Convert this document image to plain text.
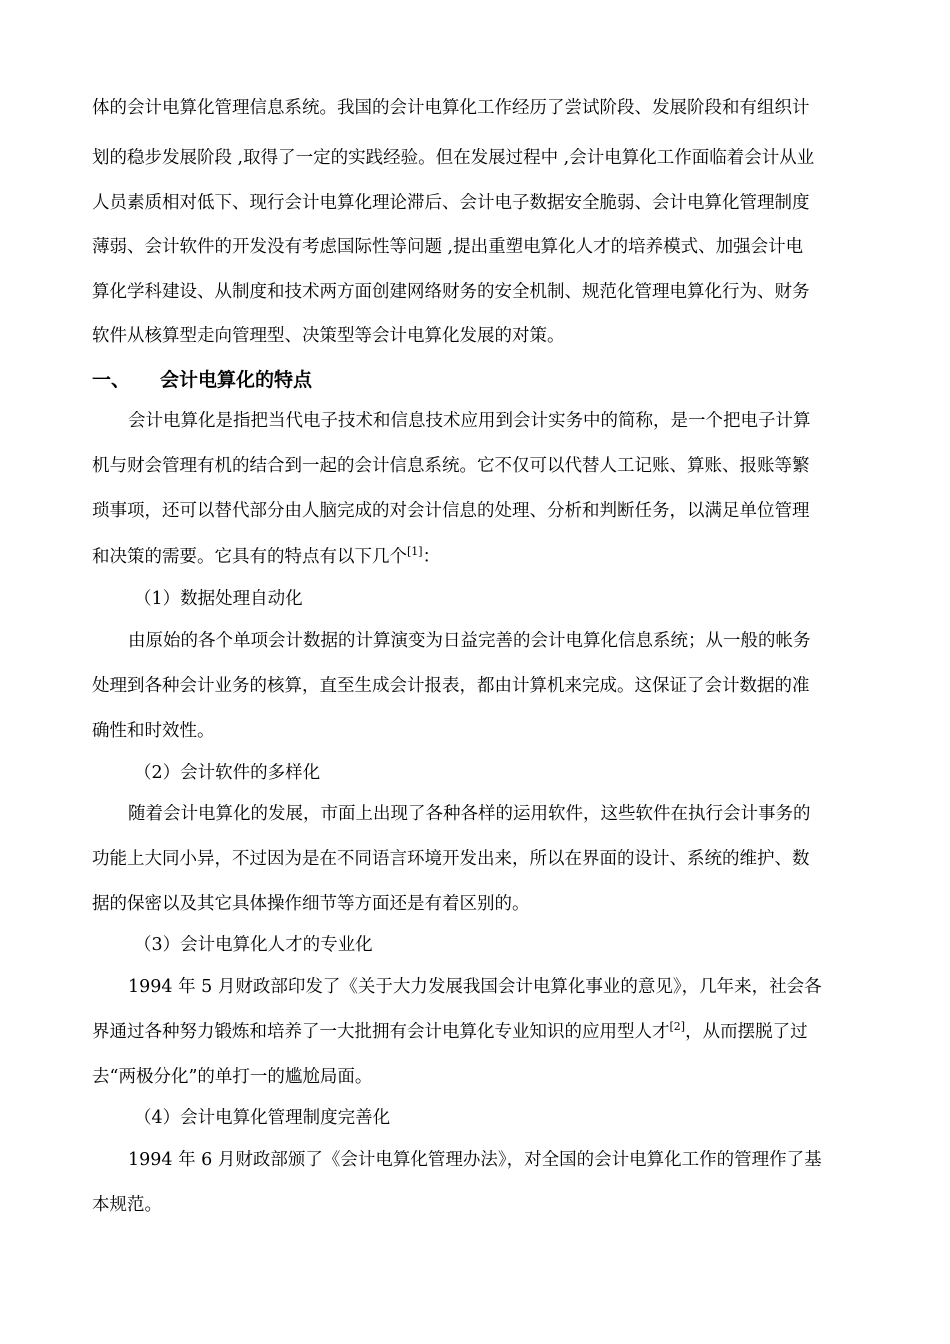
体的会计电算化管理信息系统。我国的会计电算化工作经历了尝试阶段、发展阶段和有组织计
划的稳步发展阶段 ,取得了一定的实践经验。但在发展过程中 ,会计电算化工作面临着会计从业
人员素质相对低下、现行会计电算化理论滞后、会计电子数据安全脆弱、会计电算化管理制度
薄弱、会计软件的开发没有考虑国际性等问题 ,提出重塑电算化人才的培养模式、加强会计电
算化学科建设、从制度和技术两方面创建网络财务的安全机制、规范化管理电算化行为、财务
软件从核算型走向管理型、决策型等会计电算化发展的对策。
一、 会计电算化的特点
会计电算化是指把当代电子技术和信息技术应用到会计实务中的简称，是一个把电子计算
机与财会管理有机的结合到一起的会计信息系统。它不仅可以代替人工记账、算账、报账等繁
琐事项，还可以替代部分由人脑完成的对会计信息的处理、分析和判断任务，以满足单位管理
和决策的需要。它具有的特点有以下几个[1]：
（1）数据处理自动化
由原始的各个单项会计数据的计算演变为日益完善的会计电算化信息系统；从一般的帐务
处理到各种会计业务的核算，直至生成会计报表，都由计算机来完成。这保证了会计数据的准
确性和时效性。
（2）会计软件的多样化
随着会计电算化的发展，市面上出现了各种各样的运用软件，这些软件在执行会计事务的
功能上大同小异，不过因为是在不同语言环境开发出来，所以在界面的设计、系统的维护、数
据的保密以及其它具体操作细节等方面还是有着区别的。
（3）会计电算化人才的专业化
1994 年 5 月财政部印发了《关于大力发展我国会计电算化事业的意见》，几年来，社会各
界通过各种努力锻炼和培养了一大批拥有会计电算化专业知识的应用型人才[2]，从而摆脱了过
去“两极分化”的单打一的尴尬局面。
（4）会计电算化管理制度完善化
1994 年 6 月财政部颁了《会计电算化管理办法》，对全国的会计电算化工作的管理作了基
本规范。
